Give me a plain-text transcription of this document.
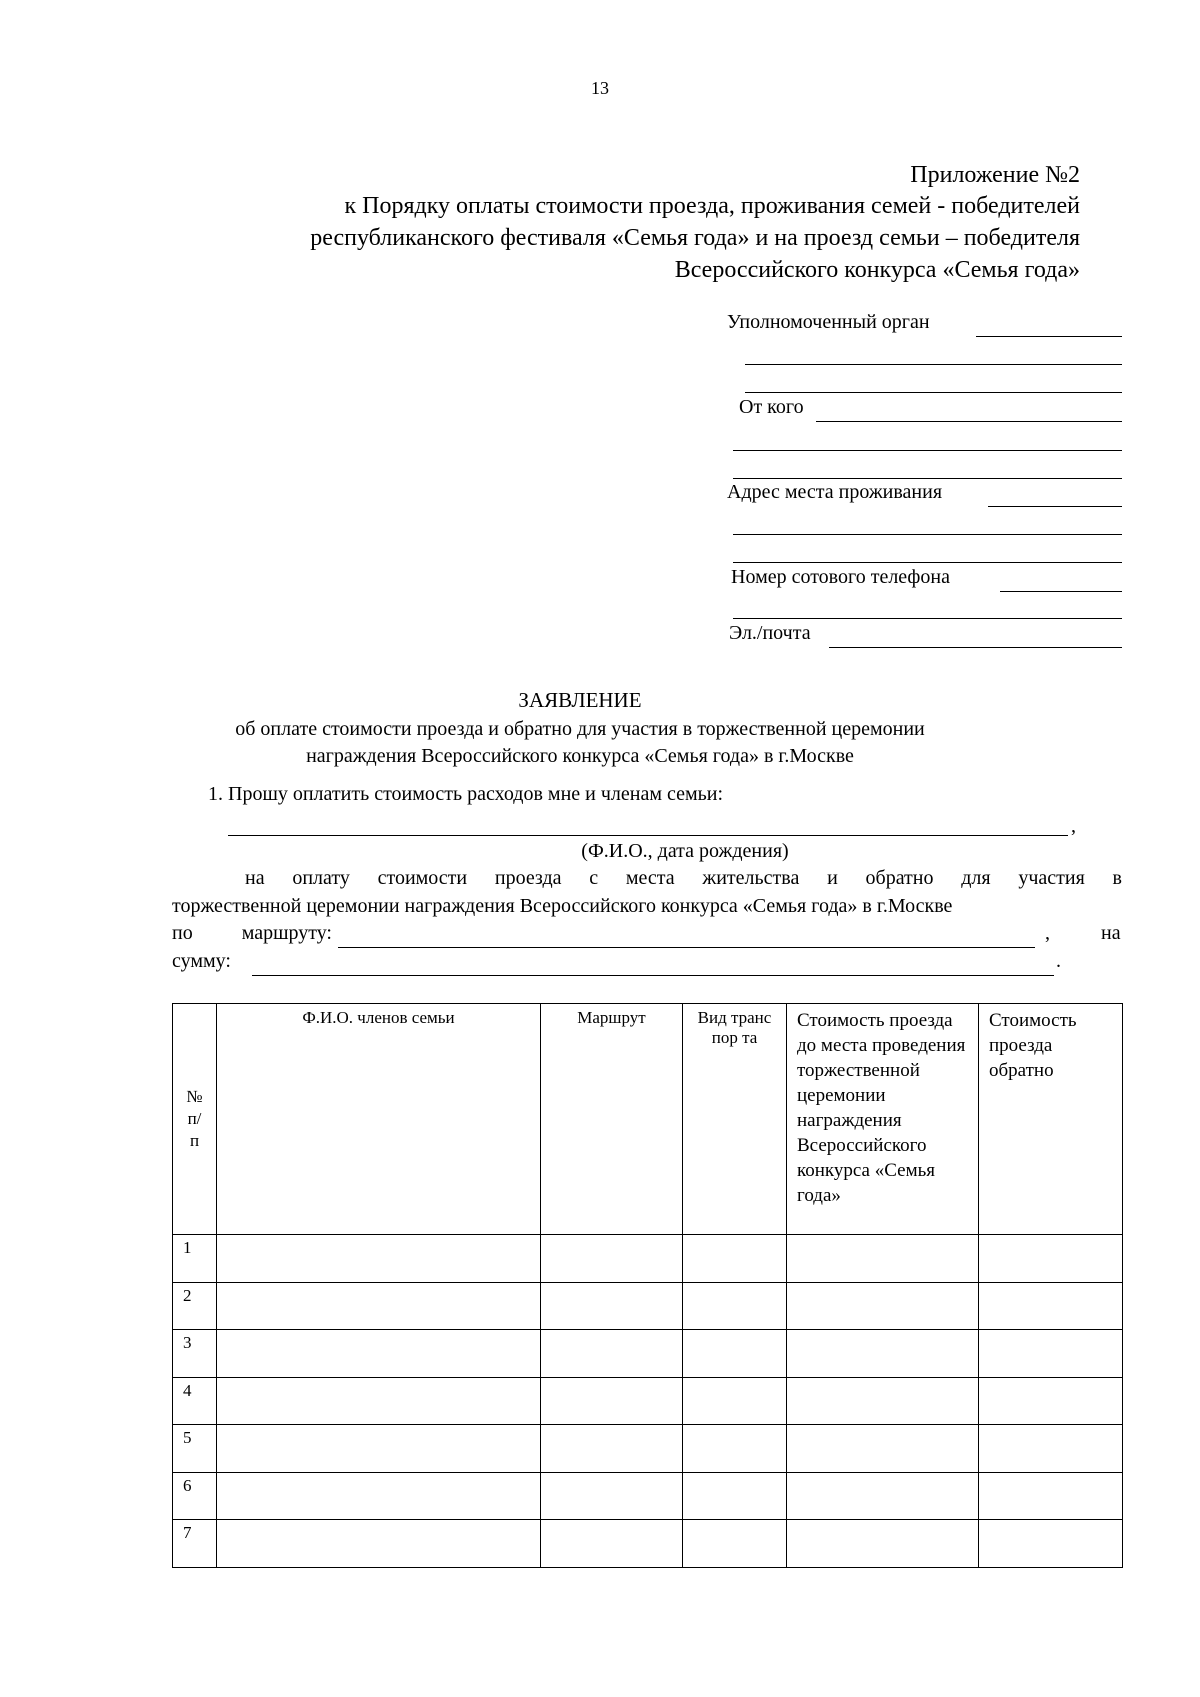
13
Приложение №2
к Порядку оплаты стоимости проезда, проживания семей - победителей
республиканского фестиваля «Семья года» и на проезд семьи – победителя
Всероссийского конкурса «Семья года»
Уполномоченный орган
От кого
Адрес места проживания
Номер сотового телефона
Эл./почта
ЗАЯВЛЕНИЕ
об оплате стоимости проезда и обратно для участия в торжественной церемонии
награждения Всероссийского конкурса «Семья года» в г.Москве
1. Прошу оплатить стоимость расходов мне и членам семьи:
,
(Ф.И.О., дата рождения)
на оплату стоимости проезда с места жительства и обратно для участия в
торжественной церемонии награждения Всероссийского конкурса «Семья года» в г.Москве
по маршруту:	,	на
сумму:	.
№ п/ п	Ф.И.О. членов семьи	Маршрут	Вид транспор та	Стоимость проезда до места проведения торжественной церемонии награждения Всероссийского конкурса «Семья года»	Стоимость проезда обратно
1					
2					
3					
4					
5					
6					
7					
